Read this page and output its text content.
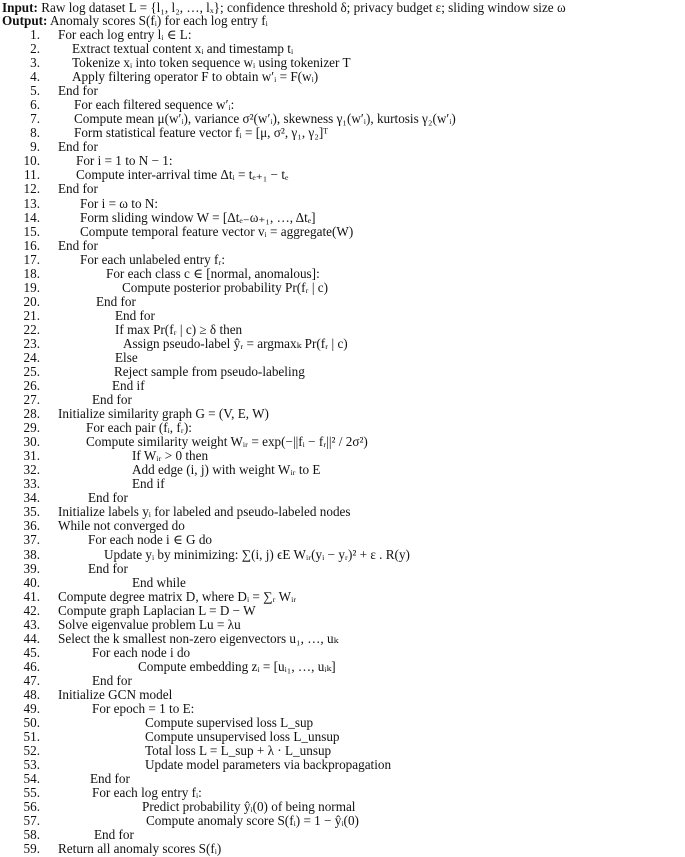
Input: Raw log dataset L = {l₁, l₂, …, lₓ}; confidence threshold δ; privacy budget ε; sliding window size ω
Output: Anomaly scores S(fᵢ) for each log entry fᵢ
1. For each log entry lᵢ ∈ L:
2. Extract textual content xᵢ and timestamp tᵢ
3. Tokenize xᵢ into token sequence wᵢ using tokenizer T
4. Apply filtering operator F to obtain w′ᵢ = F(wᵢ)
5. End for
6.	For each filtered sequence w′ᵢ:
7.	Compute mean μ(w′ᵢ), variance σ²(w′ᵢ), skewness γ₁(w′ᵢ), kurtosis γ₂(w′ᵢ)
8.	Form statistical feature vector fᵢ = [μ, σ², γ₁, γ₂]ᵀ
9. End for
10.	For i = 1 to N − 1:
11.	Compute inter-arrival time Δtᵢ = tₑ₊₁ − tₑ
12. End for
13.	For i = ω to N:
14.	Form sliding window W = [Δtₑ₋ω₊₁, …, Δtₑ]
15.	Compute temporal feature vector vᵢ = aggregate(W)
16. End for
17.	For each unlabeled entry fᵣ:
18.	For each class c ∈ [normal, anomalous]:
19.	Compute posterior probability Pr(fᵣ | c)
20.	End for
21.	End for
22.	If max Pr(fᵣ | c) ≥ δ then
23.	Assign pseudo-label ŷᵣ = argmaxₖ Pr(fᵣ | c)
24.	Else
25.	Reject sample from pseudo-labeling
26.	End if
27.	End for
28. Initialize similarity graph G = (V, E, W)
29.	For each pair (fᵢ, fᵣ):
30.	Compute similarity weight Wᵢᵣ = exp(−||fᵢ − fᵣ||² / 2σ²)
31.	If Wᵢᵣ > 0 then
32.	Add edge (i, j) with weight Wᵢᵣ to E
33.	End if
34.	End for
35. Initialize labels yᵢ for labeled and pseudo-labeled nodes
36. While not converged do
37.	For each node i ∈ G do
38.	Update yᵢ by minimizing: ∑(i, j) ϵE Wᵢᵣ(yᵢ − yᵣ)² + ε . R(y)
39.	End for
40.	End while
41. Compute degree matrix D, where Dᵢ = ∑ᵣ Wᵢᵣ
42. Compute graph Laplacian L = D − W
43. Solve eigenvalue problem Lu = λu
44. Select the k smallest non-zero eigenvectors u₁, …, uₖ
45.	For each node i do
46.	Compute embedding zᵢ = [uᵢ₁, …, uᵢₖ]
47.	End for
48. Initialize GCN model
49.	For epoch = 1 to E:
50.	Compute supervised loss L_sup
51.	Compute unsupervised loss L_unsup
52.	Total loss L = L_sup + λ · L_unsup
53.	Update model parameters via backpropagation
54.	End for
55.	For each log entry fᵢ:
56.	Predict probability ŷᵢ(0) of being normal
57.	Compute anomaly score S(fᵢ) = 1 − ŷᵢ(0)
58.	End for
59. Return all anomaly scores S(fᵢ)
